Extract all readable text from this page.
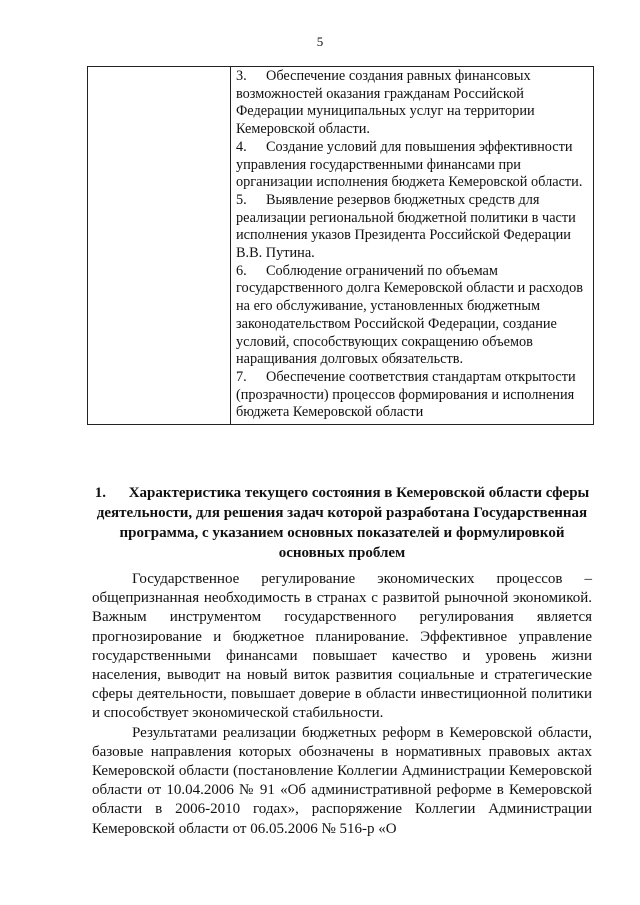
5

3. Обеспечение создания равных финансовых возможностей оказания гражданам Российской Федерации муниципальных услуг на территории Кемеровской области.

4. Создание условий для повышения эффективности управления государственными финансами при организации исполнения бюджета Кемеровской области.

5. Выявление резервов бюджетных средств для реализации региональной бюджетной политики в части исполнения указов Президента Российской Федерации В.В. Путина.

6. Соблюдение ограничений по объемам государственного долга Кемеровской области и расходов на его обслуживание, установленных бюджетным законодательством Российской Федерации, создание условий, способствующих сокращению объемов наращивания долговых обязательств.

7. Обеспечение соответствия стандартам открытости (прозрачности) процессов формирования и исполнения бюджета Кемеровской области

1. Характеристика текущего состояния в Кемеровской области сферы деятельности, для решения задач которой разработана Государственная программа, с указанием основных показателей и формулировкой основных проблем

Государственное регулирование экономических процессов – общепризнанная необходимость в странах с развитой рыночной экономикой. Важным инструментом государственного регулирования является прогнозирование и бюджетное планирование. Эффективное управление государственными финансами повышает качество и уровень жизни населения, выводит на новый виток развития социальные и стратегические сферы деятельности, повышает доверие в области инвестиционной политики и способствует экономической стабильности.

Результатами реализации бюджетных реформ в Кемеровской области, базовые направления которых обозначены в нормативных правовых актах Кемеровской области (постановление Коллегии Администрации Кемеровской области от 10.04.2006 № 91 «Об административной реформе в Кемеровской области в 2006-2010 годах», распоряжение Коллегии Администрации Кемеровской области от 06.05.2006 № 516-р «О
